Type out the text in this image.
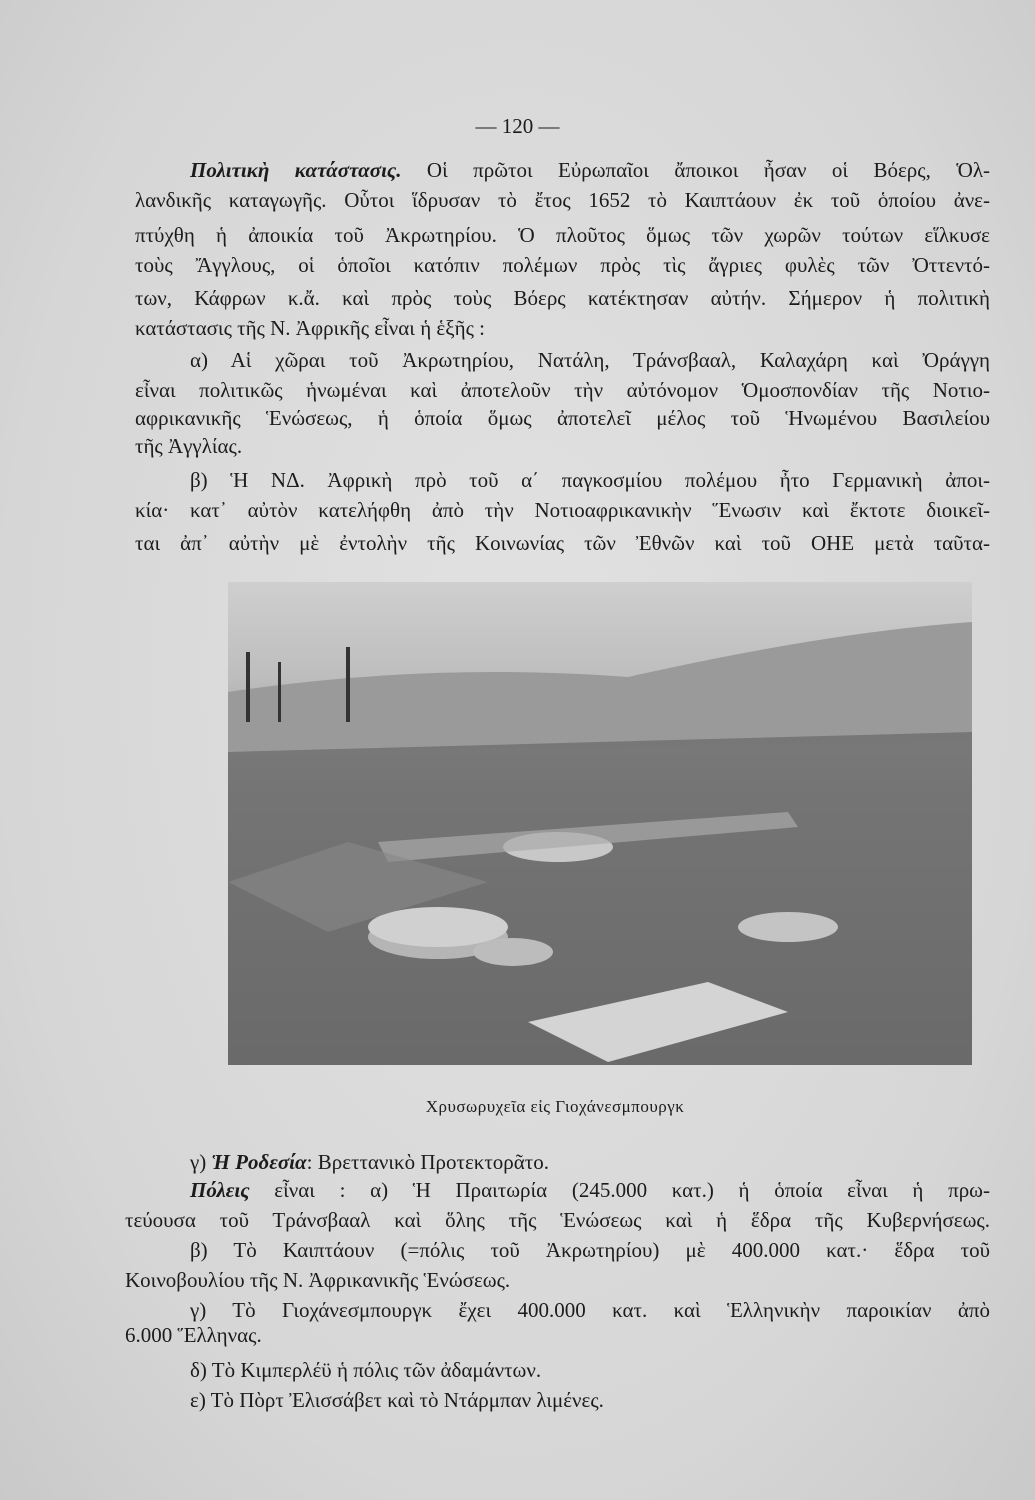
— 120 —
Πολιτικὴ κατάστασις. Οἱ πρῶτοι Εὐρωπαῖοι ἄποικοι ἦσαν οἱ Βόερς, Ὁλ-
λανδικῆς καταγωγῆς. Οὗτοι ἵδρυσαν τὸ ἔτος 1652 τὸ Καιπτάουν ἐκ τοῦ ὁποίου ἀνε-
πτύχθη ἡ ἀποικία τοῦ Ἀκρωτηρίου. Ὁ πλοῦτος ὅμως τῶν χωρῶν τούτων εἵλκυσε
τοὺς Ἄγγλους, οἱ ὁποῖοι κατόπιν πολέμων πρὸς τὶς ἄγριες φυλὲς τῶν Ὀττεντό-
των, Κάφρων κ.ἄ. καὶ πρὸς τοὺς Βόερς κατέκτησαν αὐτήν. Σήμερον ἡ πολιτικὴ
κατάστασις τῆς Ν. Ἀφρικῆς εἶναι ἡ ἑξῆς :
α) Αἱ χῶραι τοῦ Ἀκρωτηρίου, Νατάλη, Τράνσβααλ, Καλαχάρη καὶ Ὀράγγη
εἶναι πολιτικῶς ἡνωμέναι καὶ ἀποτελοῦν τὴν αὐτόνομον Ὁμοσπονδίαν τῆς Νοτιο-
αφρικανικῆς Ἑνώσεως, ἡ ὁποία ὅμως ἀποτελεῖ μέλος τοῦ Ἡνωμένου Βασιλείου
τῆς Ἀγγλίας.
β) Ἡ ΝΔ. Ἀφρικὴ πρὸ τοῦ α΄ παγκοσμίου πολέμου ἦτο Γερμανικὴ ἀποι-
κία· κατ᾽ αὐτὸν κατελήφθη ἀπὸ τὴν Νοτιοαφρικανικὴν Ἕνωσιν καὶ ἔκτοτε διοικεῖ-
ται ἀπ᾽ αὐτὴν μὲ ἐντολὴν τῆς Κοινωνίας τῶν Ἐθνῶν καὶ τοῦ ΟΗΕ μετὰ ταῦτα-
Χρυσωρυχεῖα εἰς Γιοχάνεσμπουργκ
γ) Ἡ Ροδεσία: Βρεττανικὸ Προτεκτορᾶτο.
Πόλεις εἶναι : α) Ἡ Πραιτωρία (245.000 κατ.) ἡ ὁποία εἶναι ἡ πρω-
τεύουσα τοῦ Τράνσβααλ καὶ ὅλης τῆς Ἑνώσεως καὶ ἡ ἕδρα τῆς Κυβερνήσεως.
β) Τὸ Καιπτάουν (=πόλις τοῦ Ἀκρωτηρίου) μὲ 400.000 κατ.· ἕδρα τοῦ
Κοινοβουλίου τῆς Ν. Ἀφρικανικῆς Ἑνώσεως.
γ) Τὸ Γιοχάνεσμπουργκ ἔχει 400.000 κατ. καὶ Ἑλληνικὴν παροικίαν ἀπὸ
6.000 Ἕλληνας.
δ) Τὸ Κιμπερλέϋ ἡ πόλις τῶν ἀδαμάντων.
ε) Τὸ Πὸρτ Ἐλισσάβετ καὶ τὸ Ντάρμπαν λιμένες.
